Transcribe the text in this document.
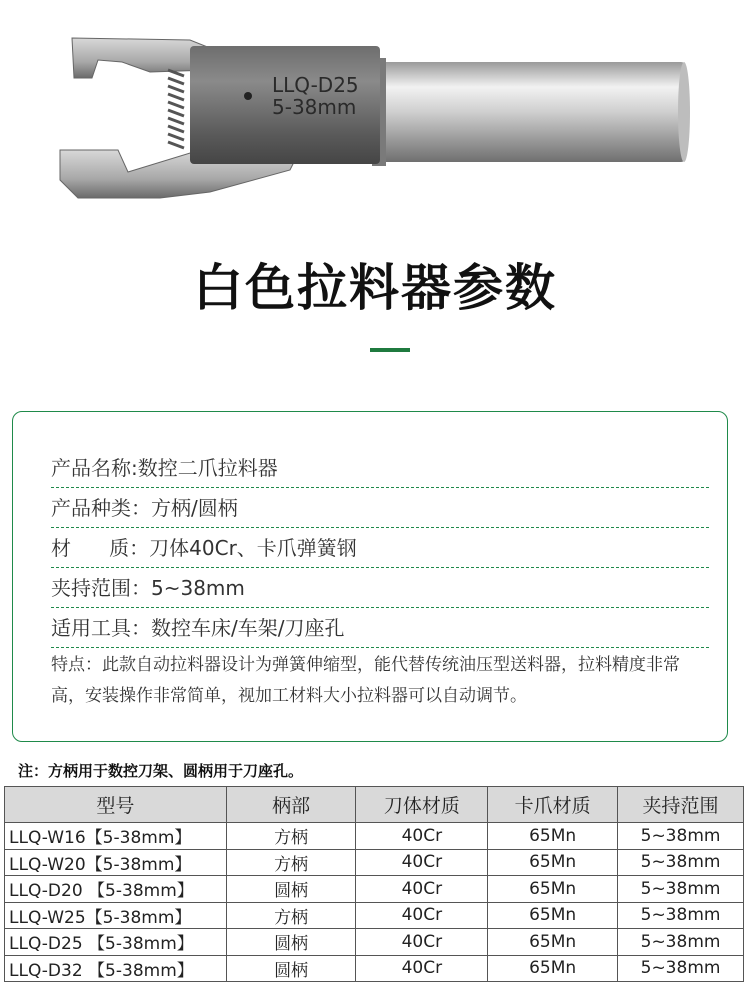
LLQ-D25
5-38mm
白色拉料器参数
产品名称:数控二爪拉料器
产品种类：方柄/圆柄
材      质：刀体40Cr、卡爪弹簧钢
夹持范围：5~38mm
适用工具：数控车床/车架/刀座孔
特点：此款自动拉料器设计为弹簧伸缩型，能代替传统油压型送料器，拉料精度非常高，安装操作非常简单，视加工材料大小拉料器可以自动调节。
注：方柄用于数控刀架、圆柄用于刀座孔。
型号	柄部	刀体材质	卡爪材质	夹持范围
LLQ-W16【5-38mm】	方柄	40Cr	65Mn	5~38mm
LLQ-W20【5-38mm】	方柄	40Cr	65Mn	5~38mm
LLQ-D20 【5-38mm】	圆柄	40Cr	65Mn	5~38mm
LLQ-W25【5-38mm】	方柄	40Cr	65Mn	5~38mm
LLQ-D25 【5-38mm】	圆柄	40Cr	65Mn	5~38mm
LLQ-D32 【5-38mm】	圆柄	40Cr	65Mn	5~38mm
